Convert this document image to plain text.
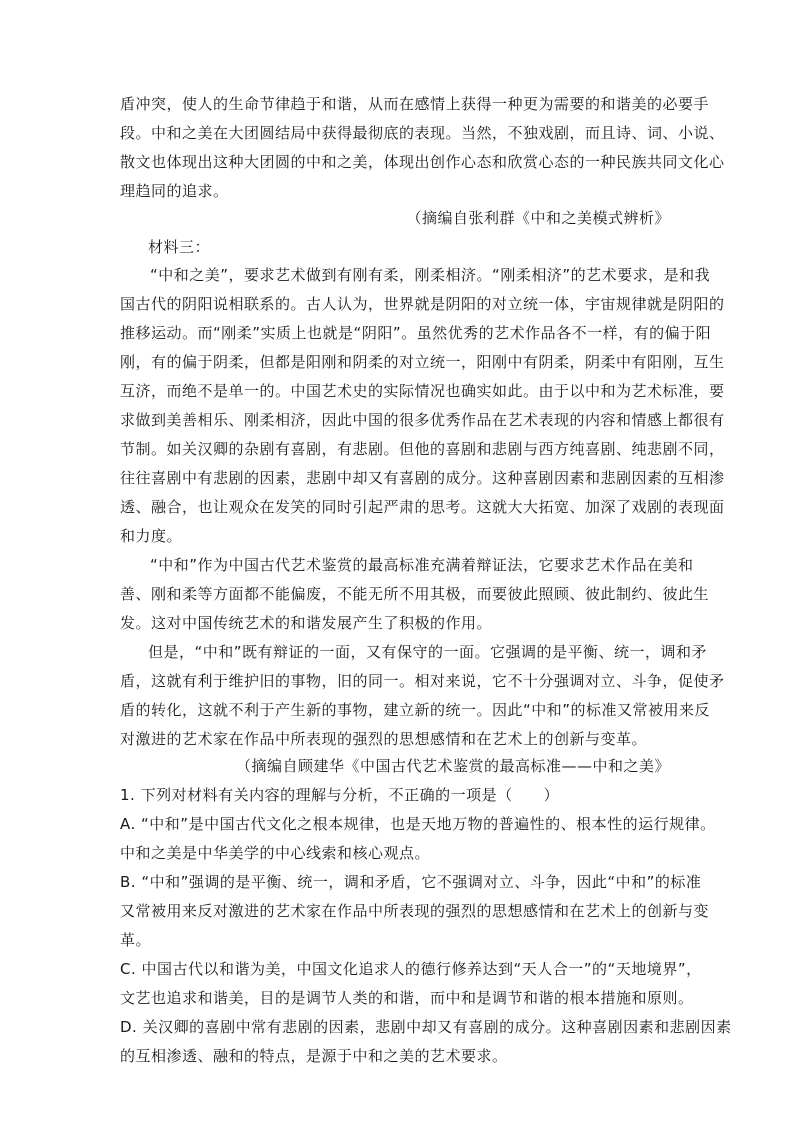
盾冲突，使人的生命节律趋于和谐，从而在感情上获得一种更为需要的和谐美的必要手
段。中和之美在大团圆结局中获得最彻底的表现。当然，不独戏剧，而且诗、词、小说、
散文也体现出这种大团圆的中和之美，体现出创作心态和欣赏心态的一种民族共同文化心
理趋同的追求。
（摘编自张利群《中和之美模式辨析》
材料三：
“中和之美”，要求艺术做到有刚有柔，刚柔相济。“刚柔相济”的艺术要求，是和我
国古代的阴阳说相联系的。古人认为，世界就是阴阳的对立统一体，宇宙规律就是阴阳的
推移运动。而“刚柔”实质上也就是“阴阳”。虽然优秀的艺术作品各不一样，有的偏于阳
刚，有的偏于阴柔，但都是阳刚和阴柔的对立统一，阳刚中有阴柔，阴柔中有阳刚，互生
互济，而绝不是单一的。中国艺术史的实际情况也确实如此。由于以中和为艺术标准，要
求做到美善相乐、刚柔相济，因此中国的很多优秀作品在艺术表现的内容和情感上都很有
节制。如关汉卿的杂剧有喜剧，有悲剧。但他的喜剧和悲剧与西方纯喜剧、纯悲剧不同，
往往喜剧中有悲剧的因素，悲剧中却又有喜剧的成分。这种喜剧因素和悲剧因素的互相渗
透、融合，也让观众在发笑的同时引起严肃的思考。这就大大拓宽、加深了戏剧的表现面
和力度。
“中和”作为中国古代艺术鉴赏的最高标准充满着辩证法，它要求艺术作品在美和
善、刚和柔等方面都不能偏废，不能无所不用其极，而要彼此照顾、彼此制约、彼此生
发。这对中国传统艺术的和谐发展产生了积极的作用。
但是，“中和”既有辩证的一面，又有保守的一面。它强调的是平衡、统一，调和矛
盾，这就有利于维护旧的事物，旧的同一。相对来说，它不十分强调对立、斗争，促使矛
盾的转化，这就不利于产生新的事物，建立新的统一。因此“中和”的标准又常被用来反
对激进的艺术家在作品中所表现的强烈的思想感情和在艺术上的创新与变革。
（摘编自顾建华《中国古代艺术鉴赏的最高标准——中和之美》
1. 下列对材料有关内容的理解与分析，不正确的一项是（　　）
A. “中和”是中国古代文化之根本规律，也是天地万物的普遍性的、根本性的运行规律。
中和之美是中华美学的中心线索和核心观点。
B. “中和”强调的是平衡、统一，调和矛盾，它不强调对立、斗争，因此“中和”的标准
又常被用来反对激进的艺术家在作品中所表现的强烈的思想感情和在艺术上的创新与变
革。
C. 中国古代以和谐为美，中国文化追求人的德行修养达到“天人合一”的“天地境界”，
文艺也追求和谐美，目的是调节人类的和谐，而中和是调节和谐的根本措施和原则。
D. 关汉卿的喜剧中常有悲剧的因素，悲剧中却又有喜剧的成分。这种喜剧因素和悲剧因素
的互相渗透、融和的特点，是源于中和之美的艺术要求。
